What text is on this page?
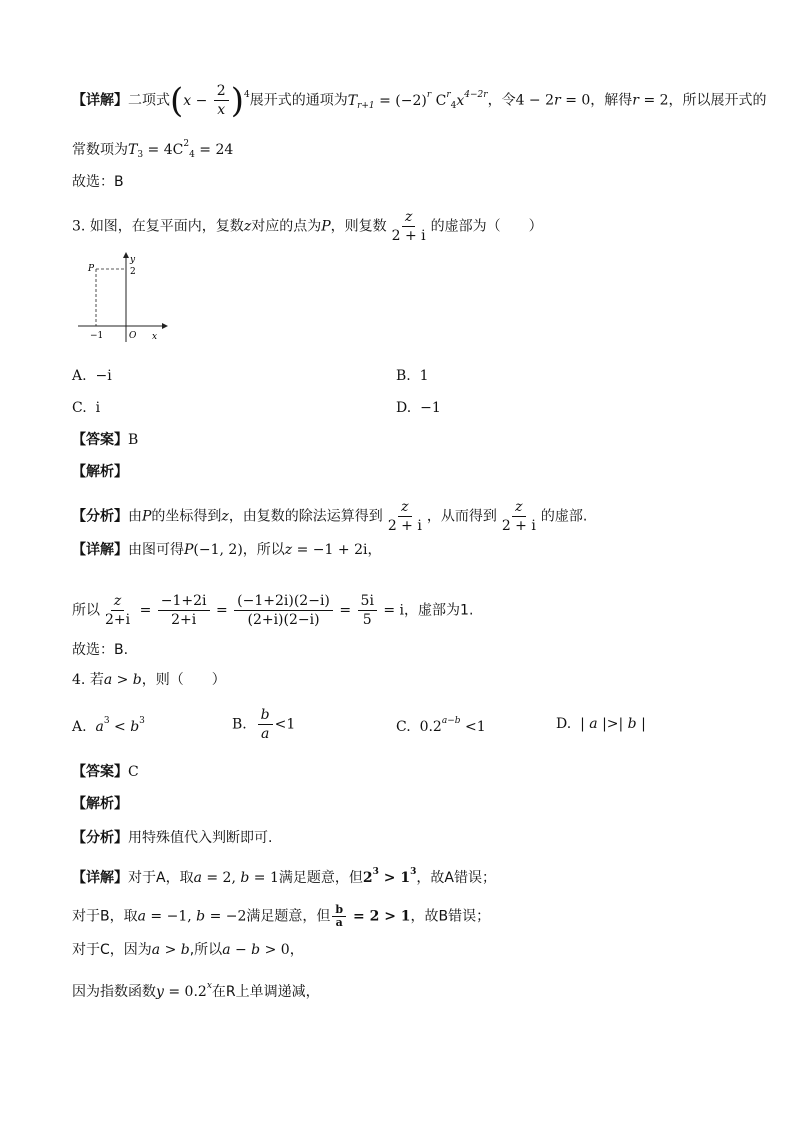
【详解】二项式$(x - \frac{2}{x} )^4$展开式的通项为$T_{r+1} = (-2)^r$ $C^r_4x^{4-2r}$，令4 − 2r = 0，解得r = 2，所以展开式的
常数项为$T_3 = 4C^2_4 = 24$
故选：B
3. 如图，在复平面内，复数z对应的点为P，则复数 $\frac{z}{2 + i}$ 的虚部为（　　）
P
y
2
−1	O x
A. −i	B. 1
C. i	D. −1
【答案】B
【解析】
【分析】由P的坐标得到z，由复数的除法运算得到 $\frac{z}{2 + i}$ ，从而得到 $\frac{z}{2 + i}$ 的虚部.
【详解】由图可得P(−1, 2)，所以z = −1 + 2i，
所以 $\frac{z}{2+i} = \frac{-1+2i}{2+i} = \frac{(-1+2i)(2-i)}{(2+i)(2-i)} = \frac{5i}{5} = i$，虚部为1.
故选：B.
4. 若a > b，则（　　）
A. $a^3 < b^3$	B. $\frac{b}{a} <1$	C. $0.2^{a-b} <1$	D. | a |>| b |
【答案】C
【解析】
【分析】用特殊值代入判断即可.
【详解】对于A，取a = 2, b = 1满足题意，但$2^3 > 1^3$，故A错误；
对于B，取a = −1, b = −2满足题意，但 $\frac{b}{a} = 2 > 1$，故B错误；
对于C，因为a > b,所以a − b > 0，
因为指数函数$y = 0.2^x$在R上单调递减，
